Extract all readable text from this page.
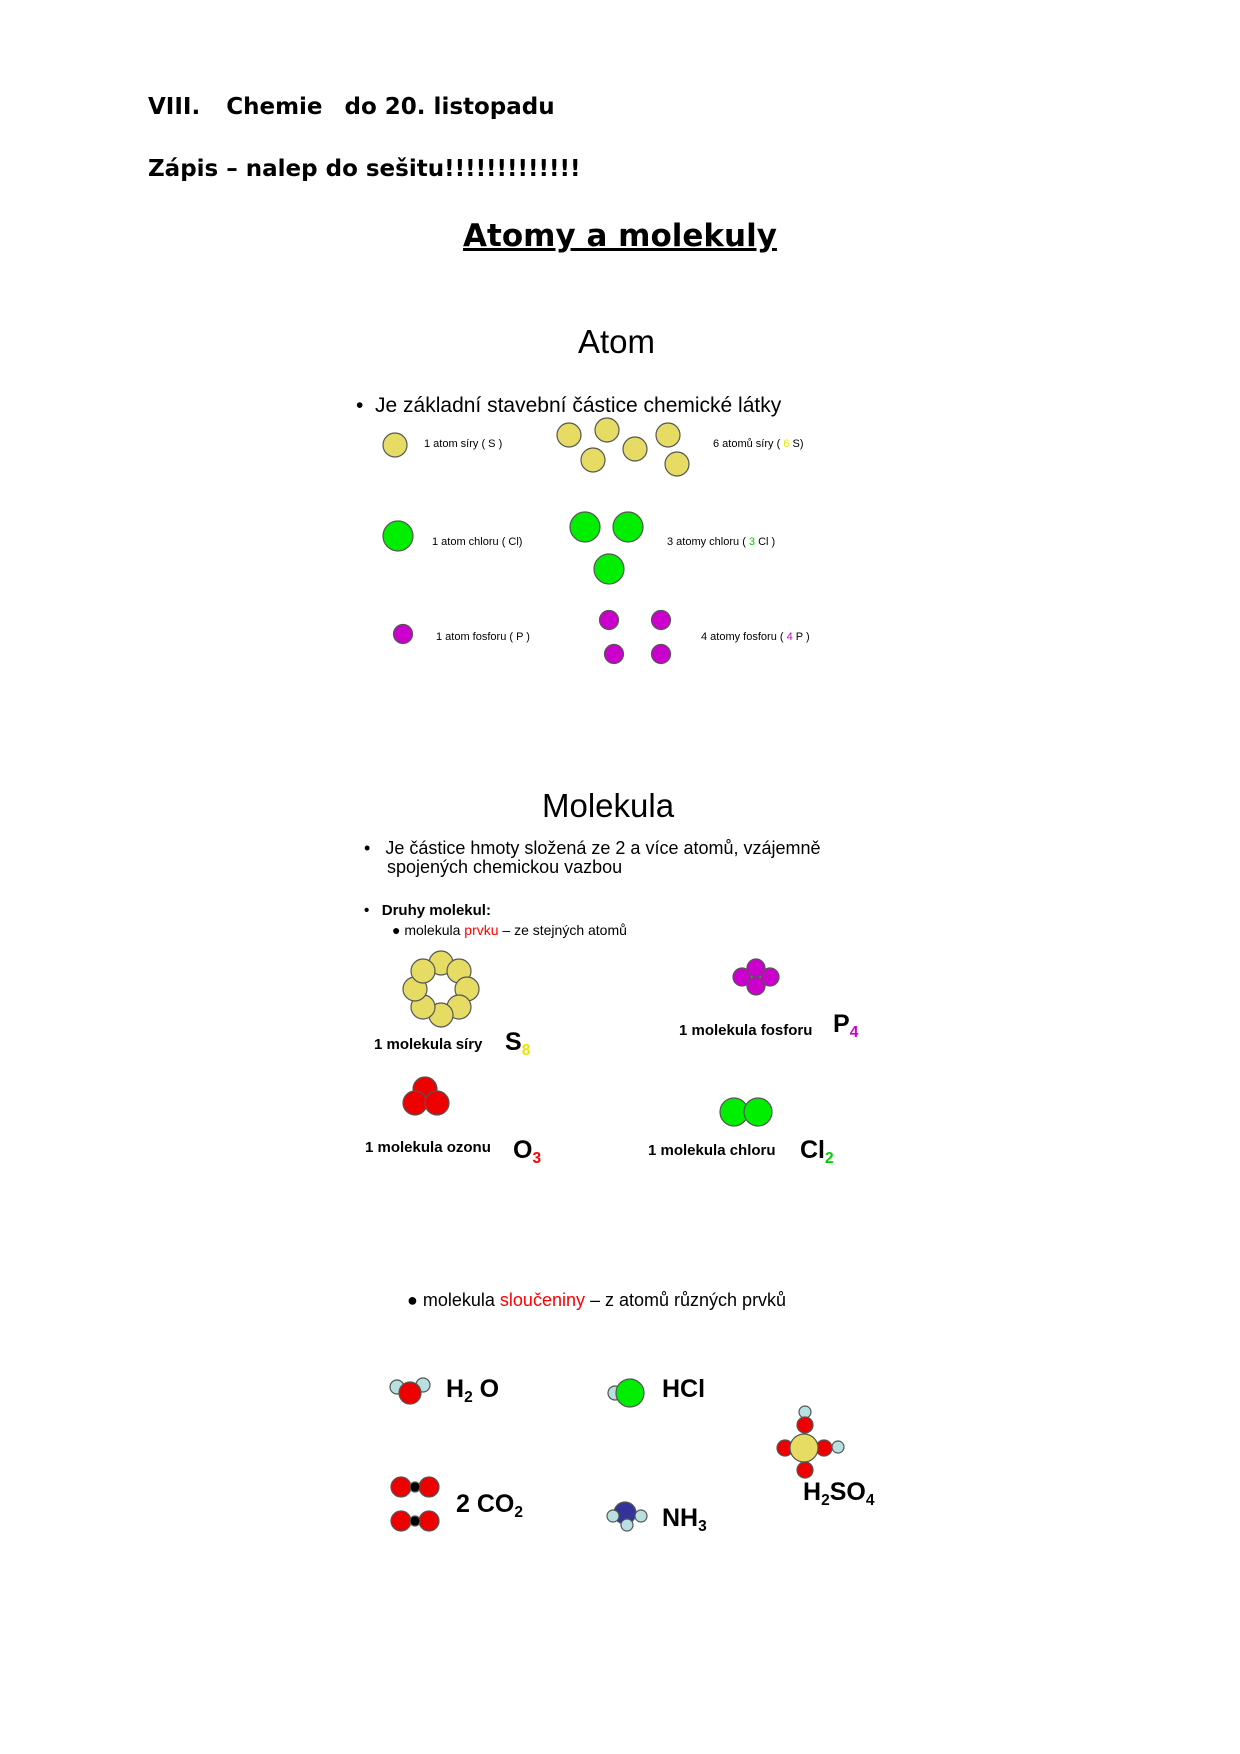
VIII. Chemie do 20. listopadu
Zápis – nalep do sešitu!!!!!!!!!!!!!
Atomy a molekuly
Atom
•  Je základní stavební částice chemické látky
1 atom síry ( S )	6 atomů síry ( 6 S)
1 atom chloru ( Cl)	3 atomy chloru ( 3 Cl )
1 atom fosforu ( P )	4 atomy fosforu ( 4 P )
Molekula
•   Je částice hmoty složená ze 2 a více atomů, vzájemně
spojených chemickou vazbou
•   Druhy molekul:
● molekula prvku – ze stejných atomů
1 molekula síry $S_8$
1 molekula fosforu $P_4$
1 molekula ozonu $O_3$	1 molekula chloru $Cl_2$
● molekula sloučeniny – z atomů různých prvků
$H_2$ O	HCl
$H_2SO_4$
2 $CO_2$	$NH_3$
